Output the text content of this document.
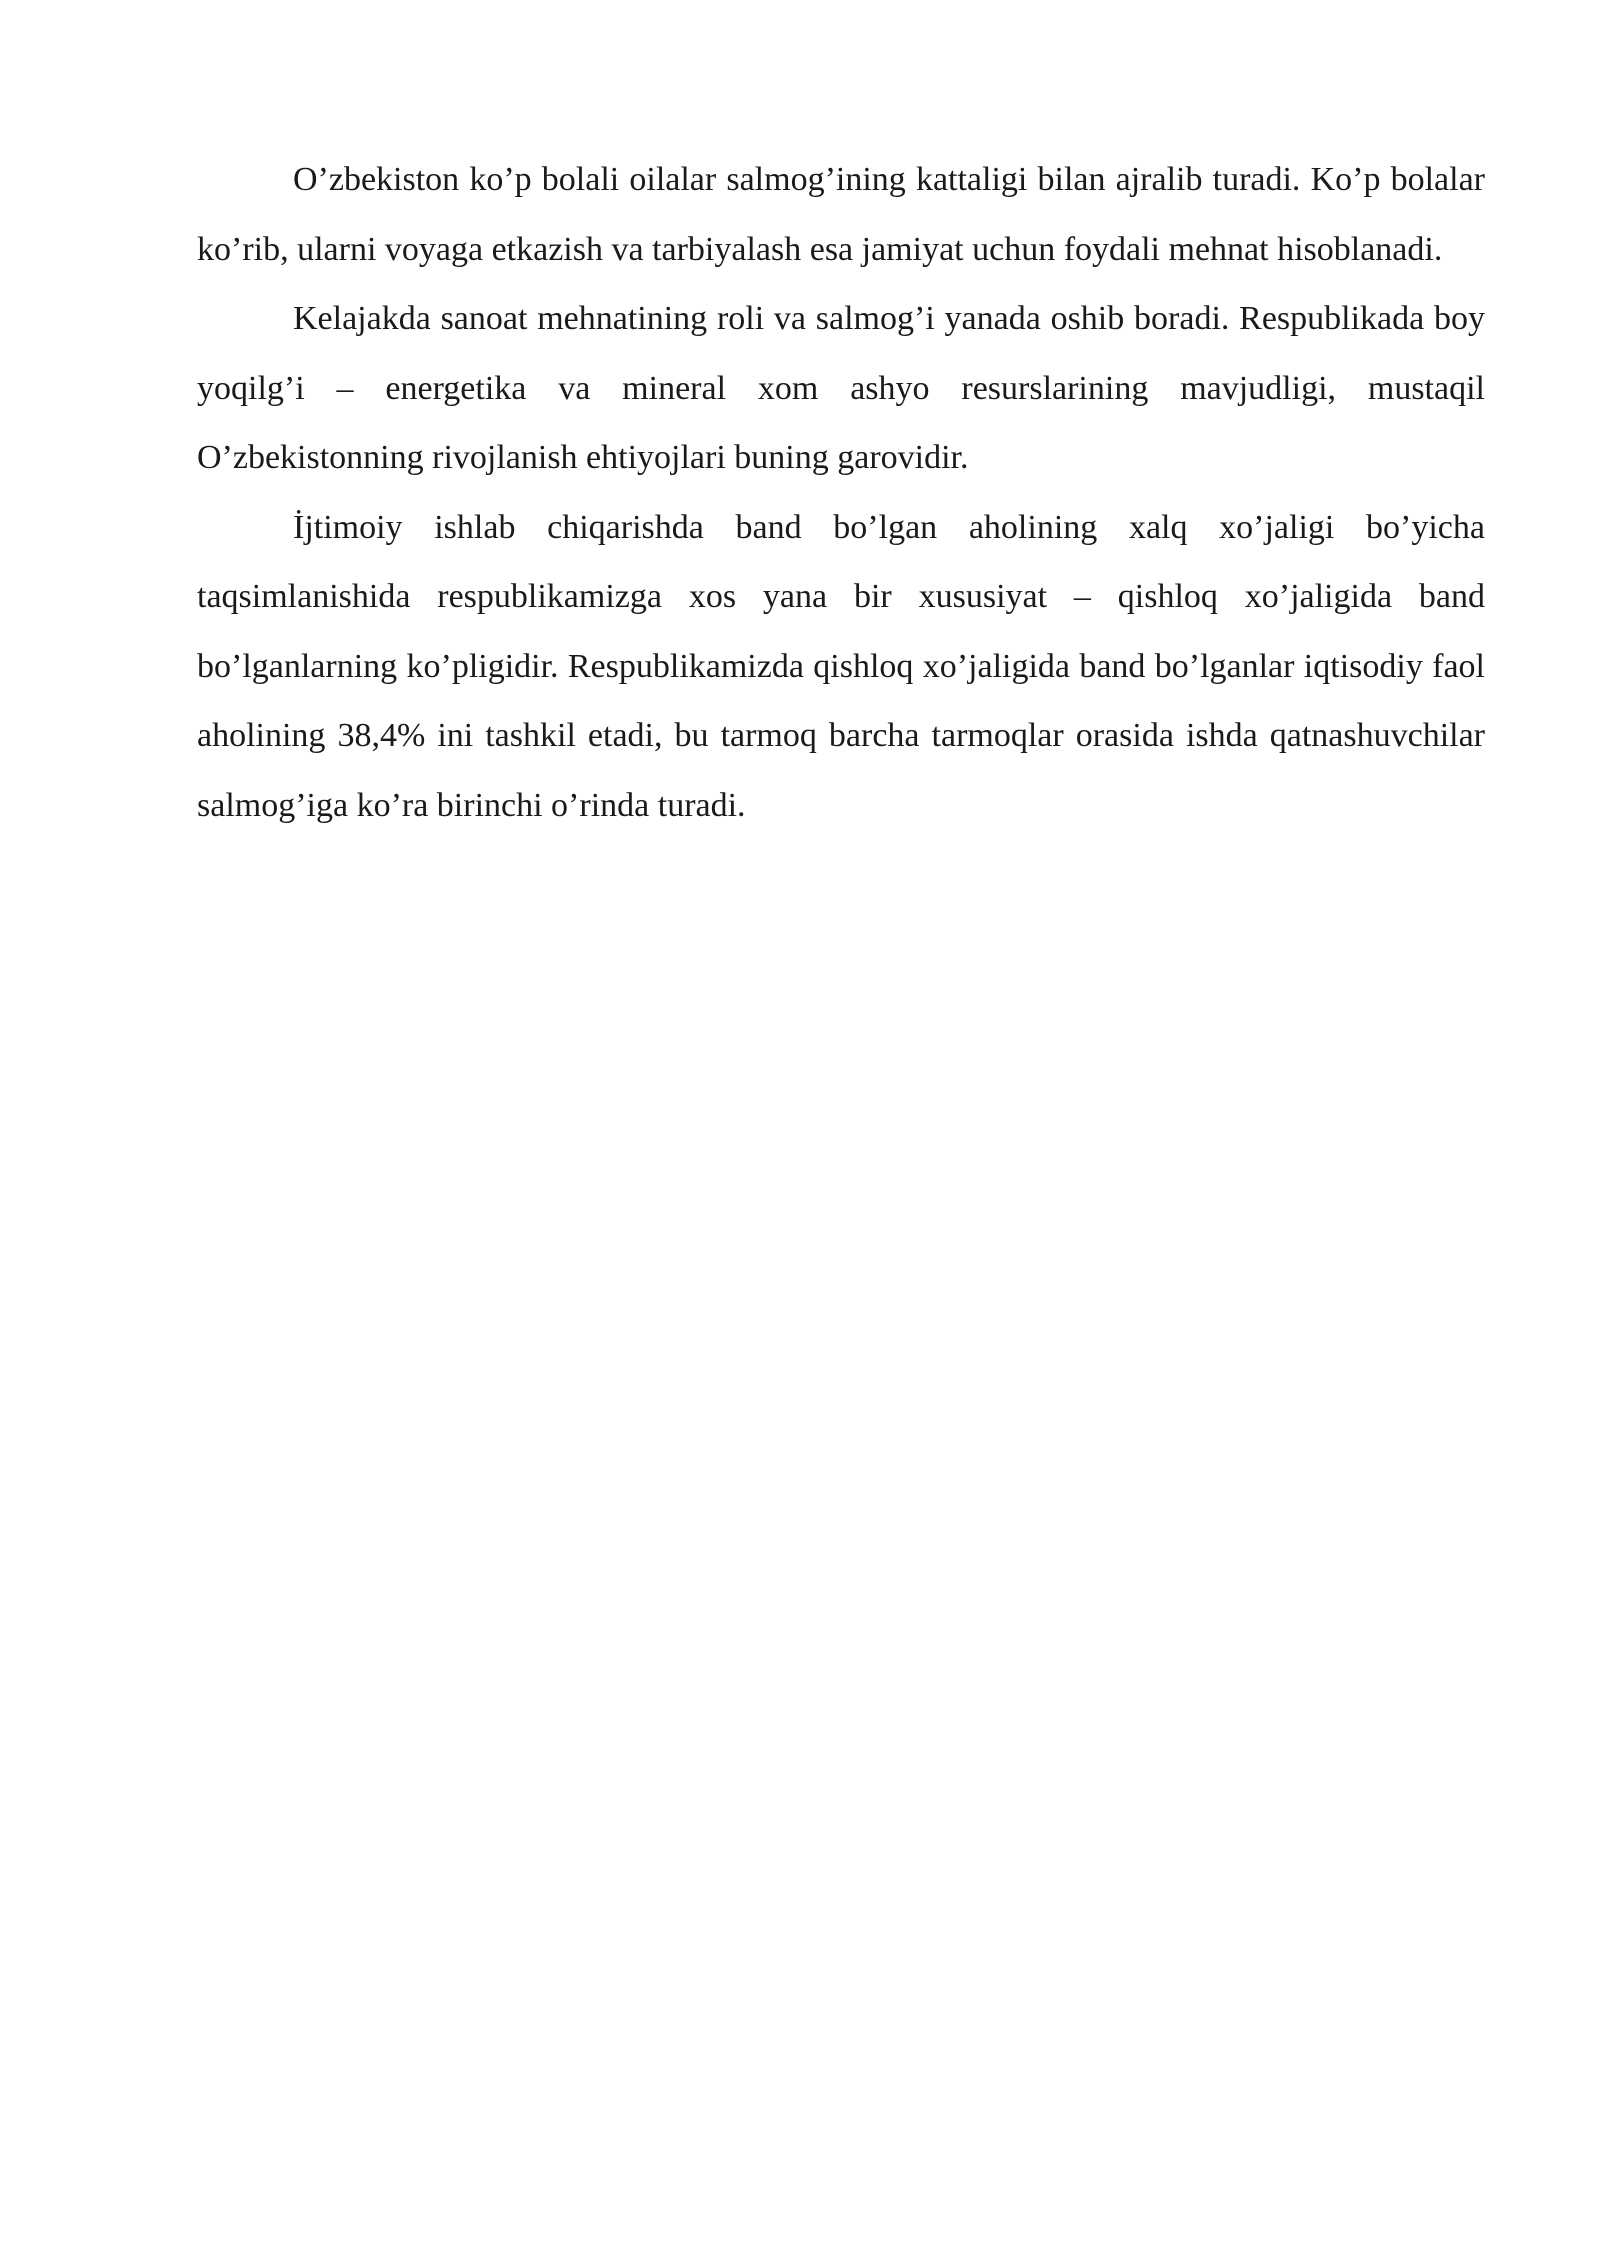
O’zbekiston ko’p bolali oilalar salmog’ining kattaligi bilan ajralib turadi. Ko’p bolalar ko’rib, ularni voyaga etkazish va tarbiyalash esa jamiyat uchun foydali mehnat hisoblanadi.

Kelajakda sanoat mehnatining roli va salmog’i yanada oshib boradi. Respublikada boy yoqilg’i – energetika va mineral xom ashyo resurslarining mavjudligi, mustaqil O’zbekistonning rivojlanish ehtiyojlari buning garovidir.

İjtimoiy ishlab chiqarishda band bo’lgan aholining xalq xo’jaligi bo’yicha taqsimlanishida respublikamizga xos yana bir xususiyat – qishloq xo’jaligida band bo’lganlarning ko’pligidir. Respublikamizda qishloq xo’jaligida band bo’lganlar iqtisodiy faol aholining 38,4% ini tashkil etadi, bu tarmoq barcha tarmoqlar orasida ishda qatnashuvchilar salmog’iga ko’ra birinchi o’rinda turadi.
